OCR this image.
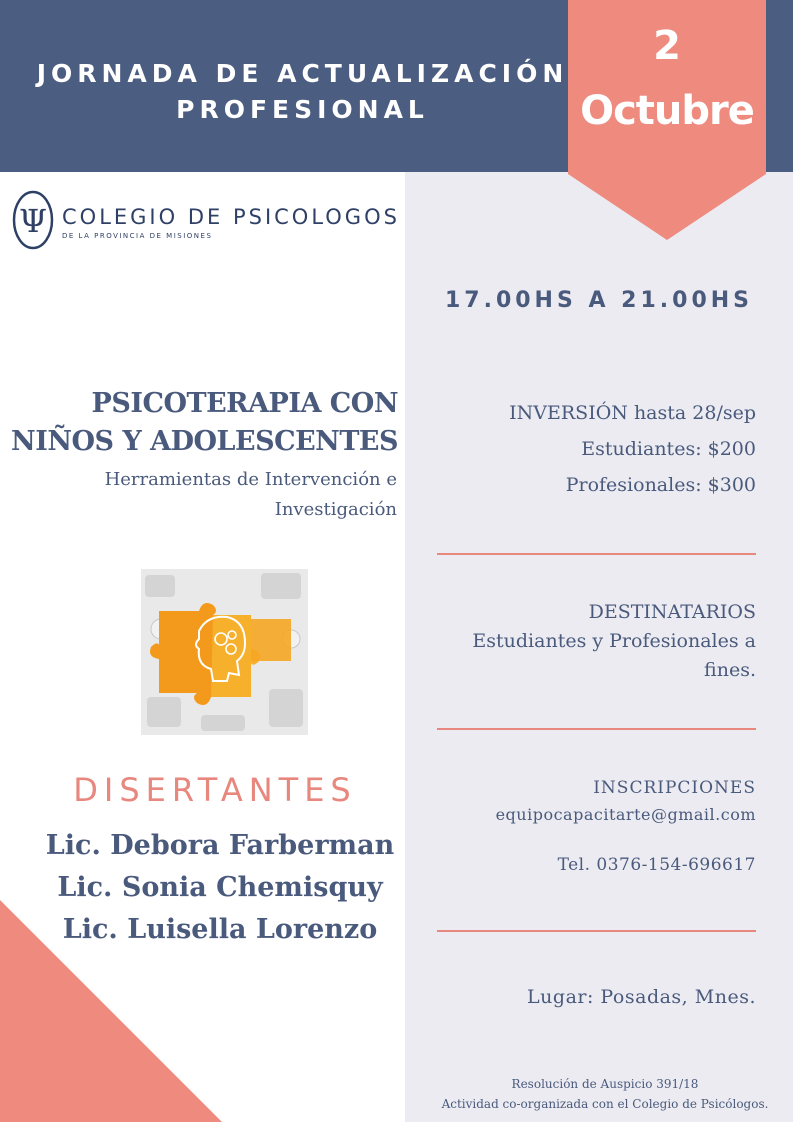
JORNADA DE ACTUALIZACIÓN
PROFESIONAL
2
Octubre
Ψ COLEGIO DE PSICOLOGOS
DE LA PROVINCIA DE MISIONES
PSICOTERAPIA CON
NIÑOS Y ADOLESCENTES
Herramientas de Intervención e
Investigación
DISERTANTES
Lic. Debora Farberman
Lic. Sonia Chemisquy
Lic. Luisella Lorenzo
17.00HS A 21.00HS
INVERSIÓN hasta 28/sep
Estudiantes: $200
Profesionales: $300
DESTINATARIOS
Estudiantes y Profesionales a fines.
INSCRIPCIONES
equipocapacitarte@gmail.com
Tel. 0376-154-696617
Lugar: Posadas, Mnes.
Resolución de Auspicio 391/18
Actividad co-organizada con el Colegio de Psicólogos.
